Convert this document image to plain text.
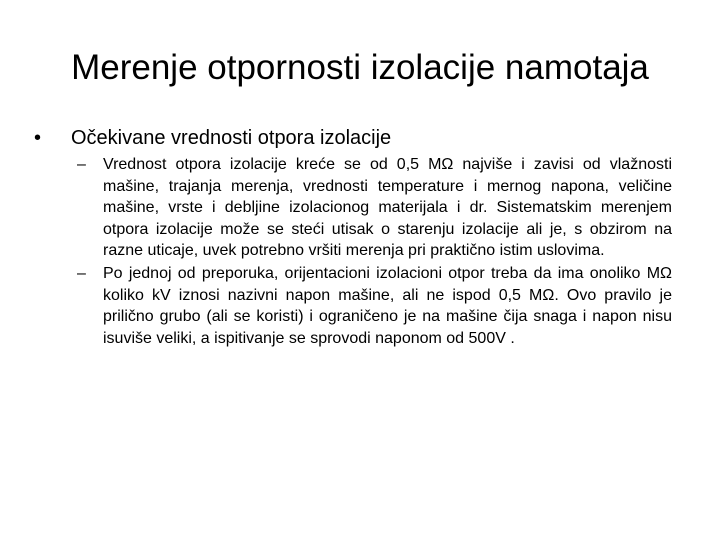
Merenje otpornosti izolacije namotaja
• Očekivane vrednosti otpora izolacije
– Vrednost otpora izolacije kreće se od 0,5 MΩ najviše i zavisi od vlažnosti mašine, trajanja merenja, vrednosti temperature i mernog napona, veličine mašine, vrste i debljine izolacionog materijala i dr. Sistematskim merenjem otpora izolacije može se steći utisak o starenju izolacije ali je, s obzirom na razne uticaje, uvek potrebno vršiti merenja pri praktično istim uslovima.
– Po jednoj od preporuka, orijentacioni izolacioni otpor treba da ima onoliko MΩ koliko kV iznosi nazivni napon mašine, ali ne ispod 0,5 MΩ. Ovo pravilo je prilično grubo (ali se koristi) i ograničeno je na mašine čija snaga i napon nisu isuviše veliki, a ispitivanje se sprovodi naponom od 500V .
